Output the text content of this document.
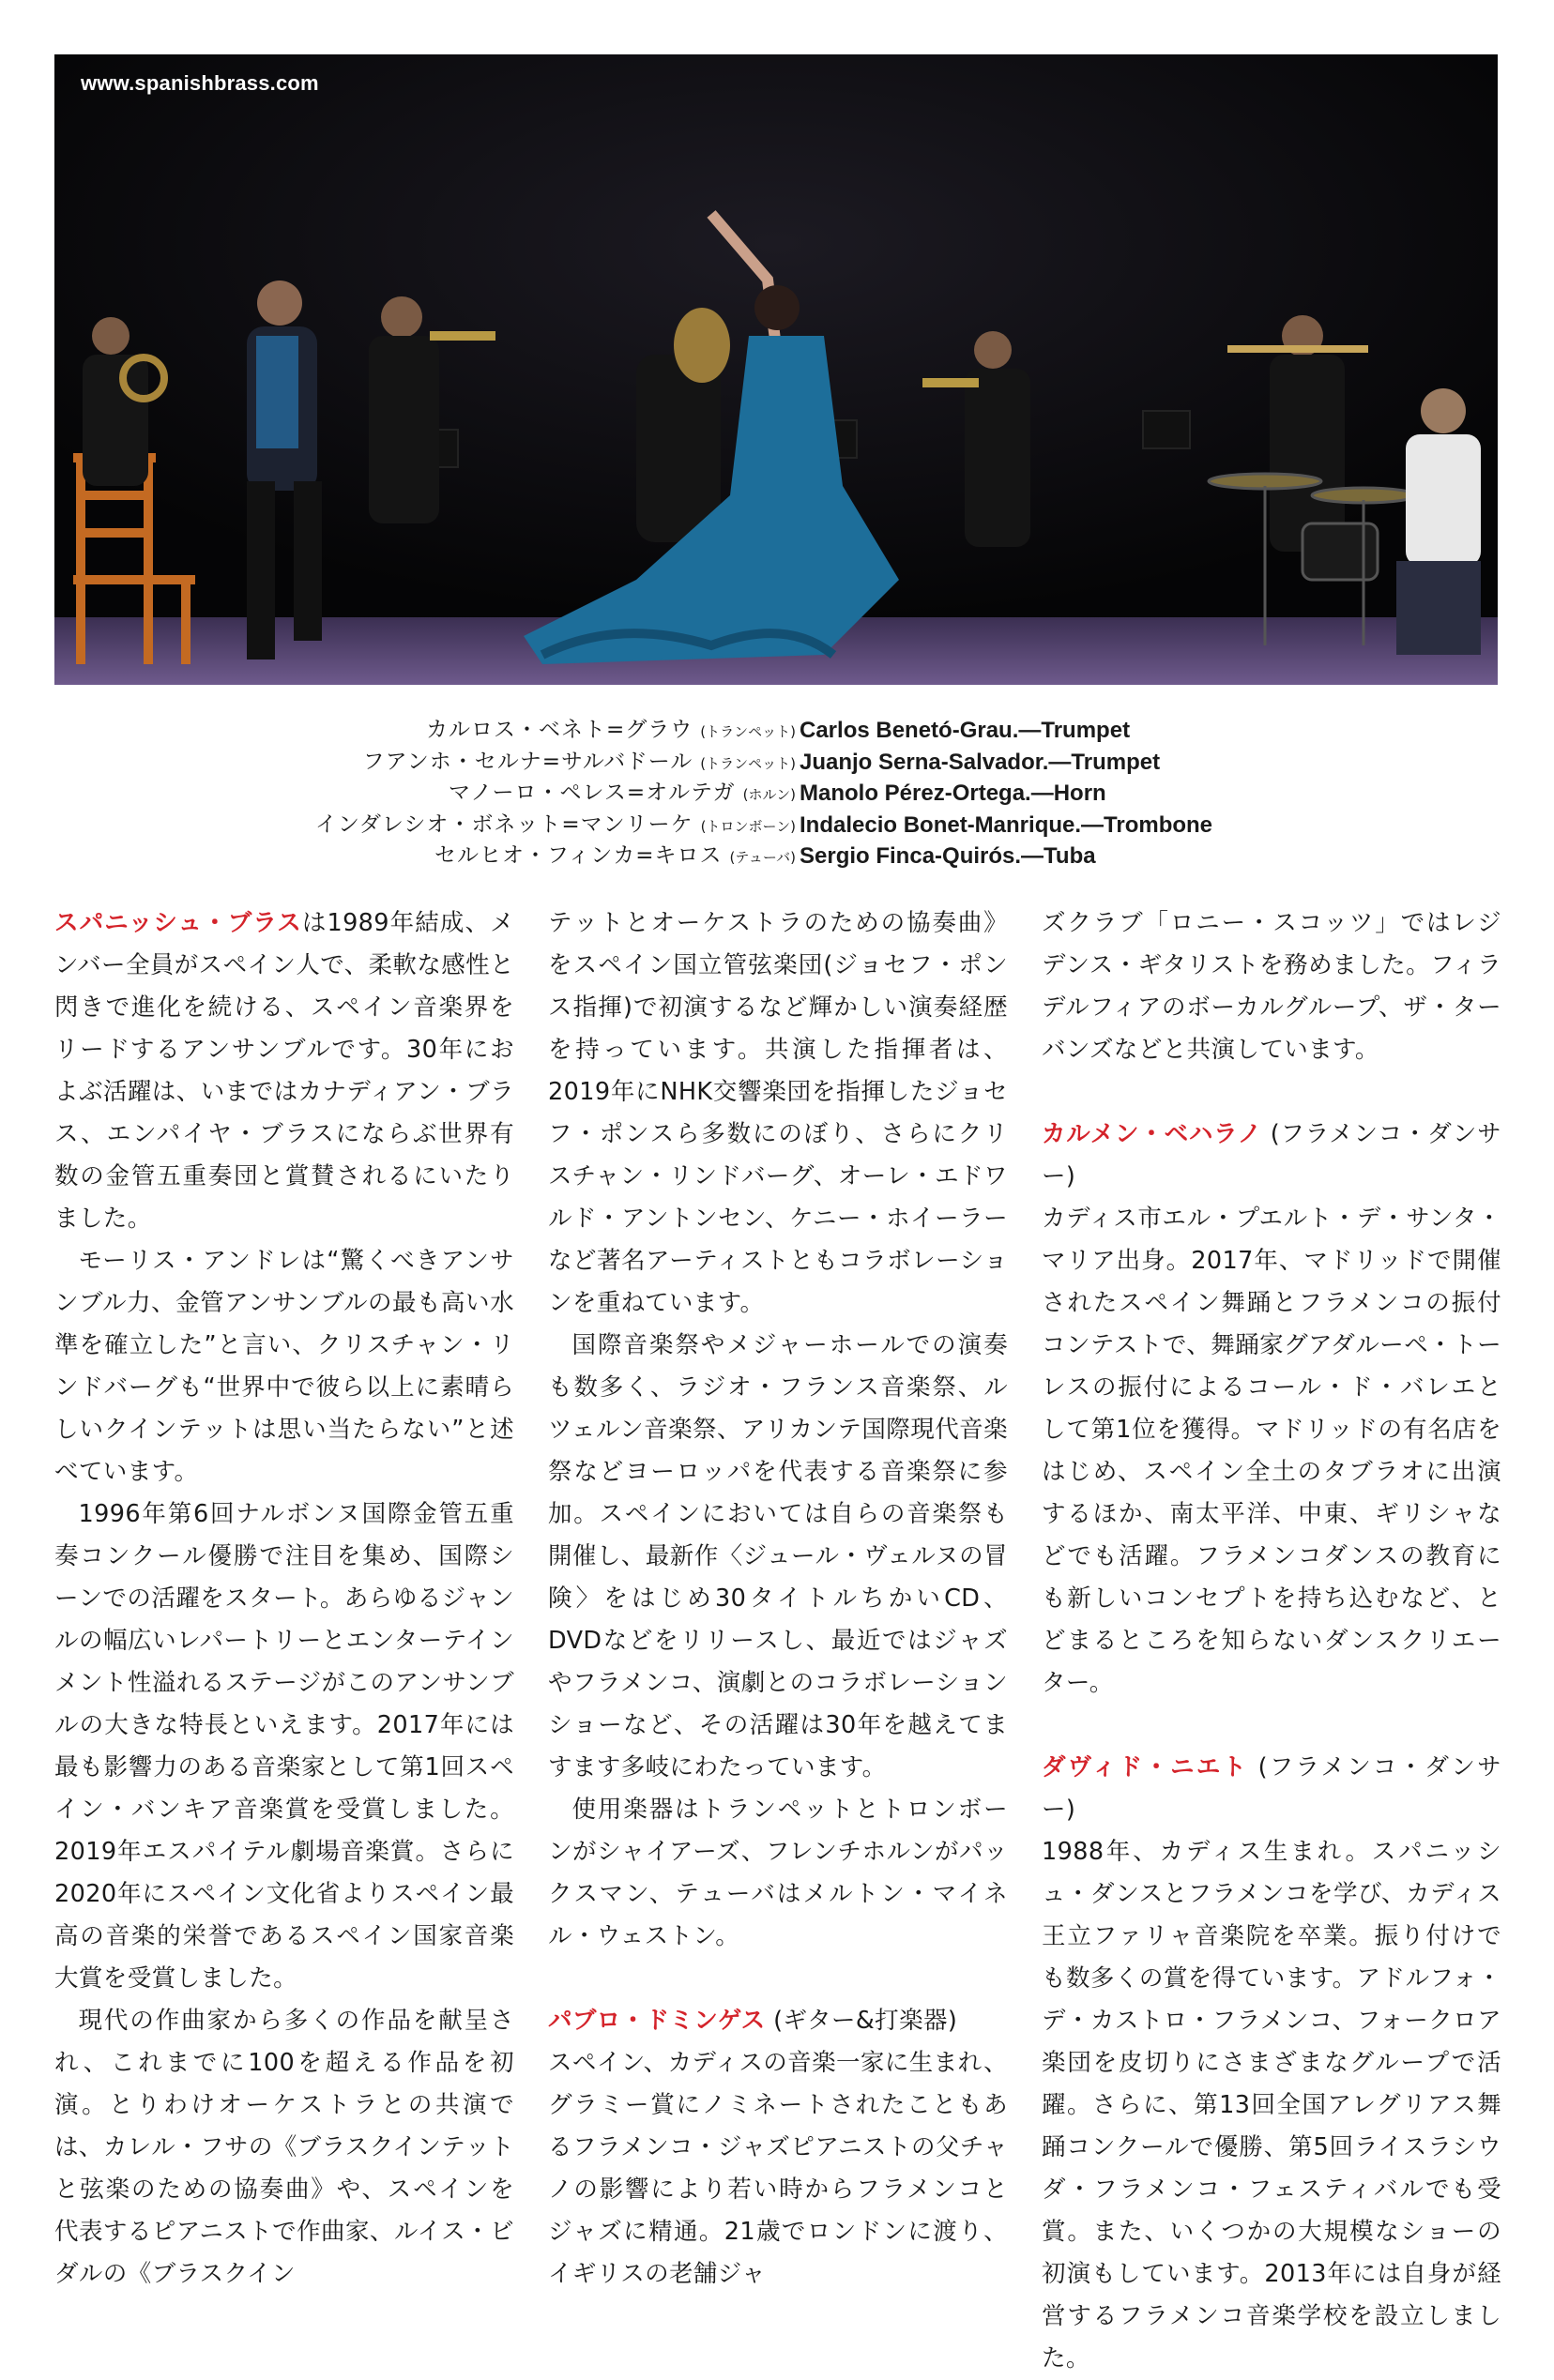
www.spanishbrass.com
カルロス・ベネト=グラウ (トランペット) Carlos Benetó-Grau.—Trumpet
フアンホ・セルナ=サルバドール (トランペット) Juanjo Serna-Salvador.—Trumpet
マノーロ・ペレス=オルテガ (ホルン) Manolo Pérez-Ortega.—Horn
インダレシオ・ボネット=マンリーケ (トロンボーン) Indalecio Bonet-Manrique.—Trombone
セルヒオ・フィンカ=キロス (テューバ) Sergio Finca-Quirós.—Tuba

スパニッシュ・ブラスは1989年結成、メンバー全員がスペイン人で、柔軟な感性と閃きで進化を続ける、スペイン音楽界をリードするアンサンブルです。30年におよぶ活躍は、いまではカナディアン・ブラス、エンパイヤ・ブラスにならぶ世界有数の金管五重奏団と賞賛されるにいたりました。

モーリス・アンドレは“驚くべきアンサンブル力、金管アンサンブルの最も高い水準を確立した”と言い、クリスチャン・リンドバーグも“世界中で彼ら以上に素晴らしいクインテットは思い当たらない”と述べています。

1996年第6回ナルボンヌ国際金管五重奏コンクール優勝で注目を集め、国際シーンでの活躍をスタート。あらゆるジャンルの幅広いレパートリーとエンターテインメント性溢れるステージがこのアンサンブルの大きな特長といえます。2017年には最も影響力のある音楽家として第1回スペイン・バンキア音楽賞を受賞しました。2019年エスパイテル劇場音楽賞。さらに2020年にスペイン文化省よりスペイン最高の音楽的栄誉であるスペイン国家音楽大賞を受賞しました。

現代の作曲家から多くの作品を献呈され、これまでに100を超える作品を初演。とりわけオーケストラとの共演では、カレル・フサの《ブラスクインテットと弦楽のための協奏曲》や、スペインを代表するピアニストで作曲家、ルイス・ビダルの《ブラスクイン

テットとオーケストラのための協奏曲》をスペイン国立管弦楽団(ジョセフ・ポンス指揮)で初演するなど輝かしい演奏経歴を持っています。共演した指揮者は、2019年にNHK交響楽団を指揮したジョセフ・ポンスら多数にのぼり、さらにクリスチャン・リンドバーグ、オーレ・エドワルド・アントンセン、ケニー・ホイーラーなど著名アーティストともコラボレーションを重ねています。

国際音楽祭やメジャーホールでの演奏も数多く、ラジオ・フランス音楽祭、ルツェルン音楽祭、アリカンテ国際現代音楽祭などヨーロッパを代表する音楽祭に参加。スペインにおいては自らの音楽祭も開催し、最新作〈ジュール・ヴェルヌの冒険〉をはじめ30タイトルちかいCD、DVDなどをリリースし、最近ではジャズやフラメンコ、演劇とのコラボレーションショーなど、その活躍は30年を越えてますます多岐にわたっています。

使用楽器はトランペットとトロンボーンがシャイアーズ、フレンチホルンがパックスマン、テューバはメルトン・マイネル・ウェストン。

パブロ・ドミンゲス (ギター&打楽器)

スペイン、カディスの音楽一家に生まれ、グラミー賞にノミネートされたこともあるフラメンコ・ジャズピアニストの父チャノの影響により若い時からフラメンコとジャズに精通。21歳でロンドンに渡り、イギリスの老舗ジャ

ズクラブ「ロニー・スコッツ」ではレジデンス・ギタリストを務めました。フィラデルフィアのボーカルグループ、ザ・ターバンズなどと共演しています。

カルメン・ベハラノ (フラメンコ・ダンサー)

カディス市エル・プエルト・デ・サンタ・マリア出身。2017年、マドリッドで開催されたスペイン舞踊とフラメンコの振付コンテストで、舞踊家グアダルーペ・トーレスの振付によるコール・ド・バレエとして第1位を獲得。マドリッドの有名店をはじめ、スペイン全土のタブラオに出演するほか、南太平洋、中東、ギリシャなどでも活躍。フラメンコダンスの教育にも新しいコンセプトを持ち込むなど、とどまるところを知らないダンスクリエーター。

ダヴィド・ニエト (フラメンコ・ダンサー)

1988年、カディス生まれ。スパニッシュ・ダンスとフラメンコを学び、カディス王立ファリャ音楽院を卒業。振り付けでも数多くの賞を得ています。アドルフォ・デ・カストロ・フラメンコ、フォークロア楽団を皮切りにさまざまなグループで活躍。さらに、第13回全国アレグリアス舞踊コンクールで優勝、第5回ライスラシウダ・フラメンコ・フェスティバルでも受賞。また、いくつかの大規模なショーの初演もしています。2013年には自身が経営するフラメンコ音楽学校を設立しました。
